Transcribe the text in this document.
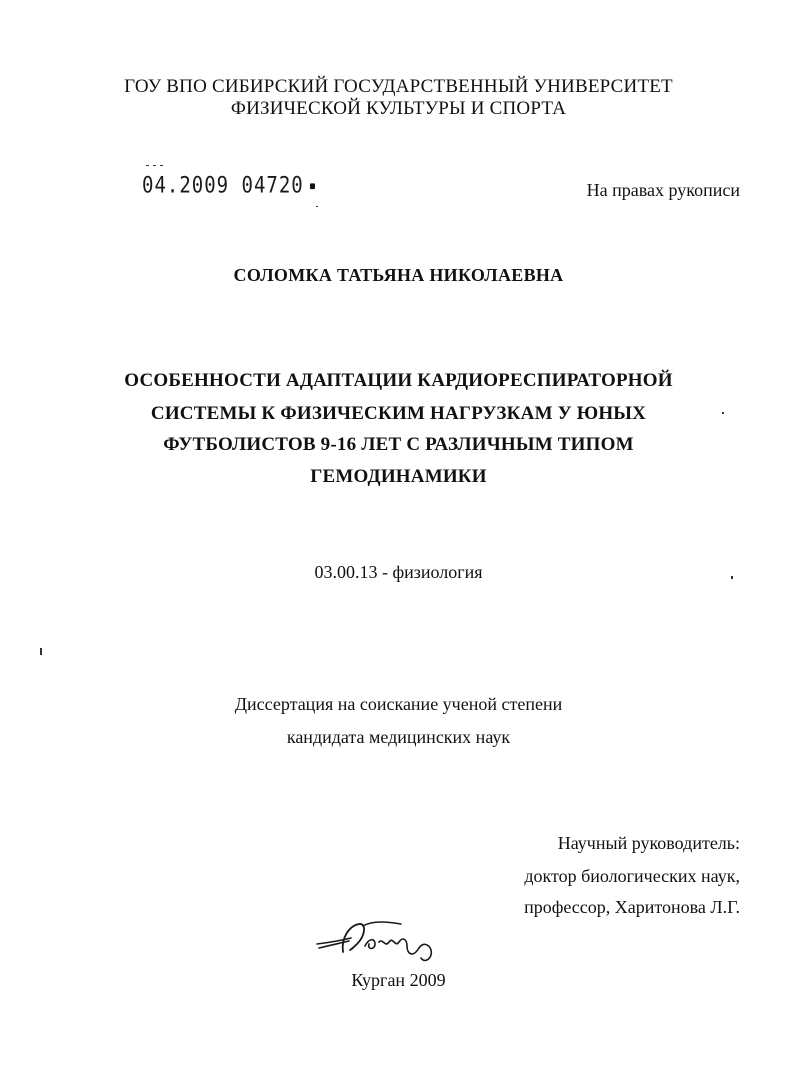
ГОУ ВПО СИБИРСКИЙ ГОСУДАРСТВЕННЫЙ УНИВЕРСИТЕТ
ФИЗИЧЕСКОЙ КУЛЬТУРЫ И СПОРТА
04.2009 04720	На правах рукописи
СОЛОМКА ТАТЬЯНА НИКОЛАЕВНА
ОСОБЕННОСТИ АДАПТАЦИИ КАРДИОРЕСПИРАТОРНОЙ
СИСТЕМЫ К ФИЗИЧЕСКИМ НАГРУЗКАМ У ЮНЫХ
ФУТБОЛИСТОВ 9-16 ЛЕТ С РАЗЛИЧНЫМ ТИПОМ
ГЕМОДИНАМИКИ
03.00.13 - физиология
Диссертация на соискание ученой степени
кандидата медицинских наук
Научный руководитель:
доктор биологических наук,
профессор, Харитонова Л.Г.
Курган 2009
